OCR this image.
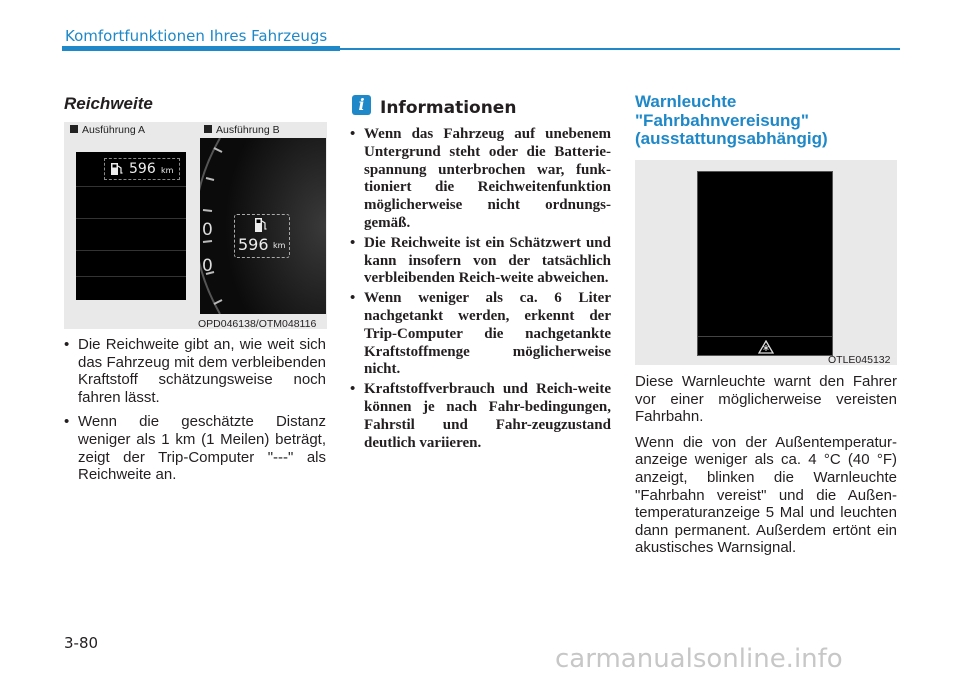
Komfortfunktionen Ihres Fahrzeugs
Reichweite
Ausführung A	Ausführung B
596 km
0
0
596 km
OPD046138/OTM048116
• Die Reichweite gibt an, wie weit sich das Fahrzeug mit dem verbleibenden Kraftstoff schätzungsweise noch fahren lässt.
• Wenn die geschätzte Distanz weniger als 1 km (1 Meilen) beträgt, zeigt der Trip-Computer "---" als Reichweite an.
i Informationen
• Wenn das Fahrzeug auf unebenem Untergrund steht oder die Batterie-spannung unterbrochen war, funk-tioniert die Reichweitenfunktion möglicherweise nicht ordnungs-gemäß.
• Die Reichweite ist ein Schätzwert und kann insofern von der tatsächlich verbleibenden Reich-weite abweichen.
• Wenn weniger als ca. 6 Liter nachgetankt werden, erkennt der Trip-Computer die nachgetankte Kraftstoffmenge möglicherweise nicht.
• Kraftstoffverbrauch und Reich-weite können je nach Fahr-bedingungen, Fahrstil und Fahr-zeugzustand deutlich variieren.
Warnleuchte
"Fahrbahnvereisung"
(ausstattungsabhängig)
OTLE045132

Diese Warnleuchte warnt den Fahrer vor einer möglicherweise vereisten Fahrbahn.

Wenn die von der Außentemperatur-anzeige weniger als ca. 4 °C (40 °F) anzeigt, blinken die Warnleuchte "Fahrbahn vereist" und die Außen-temperaturanzeige 5 Mal und leuchten dann permanent. Außerdem ertönt ein akustisches Warnsignal.

3-80
carmanualsonline.info
